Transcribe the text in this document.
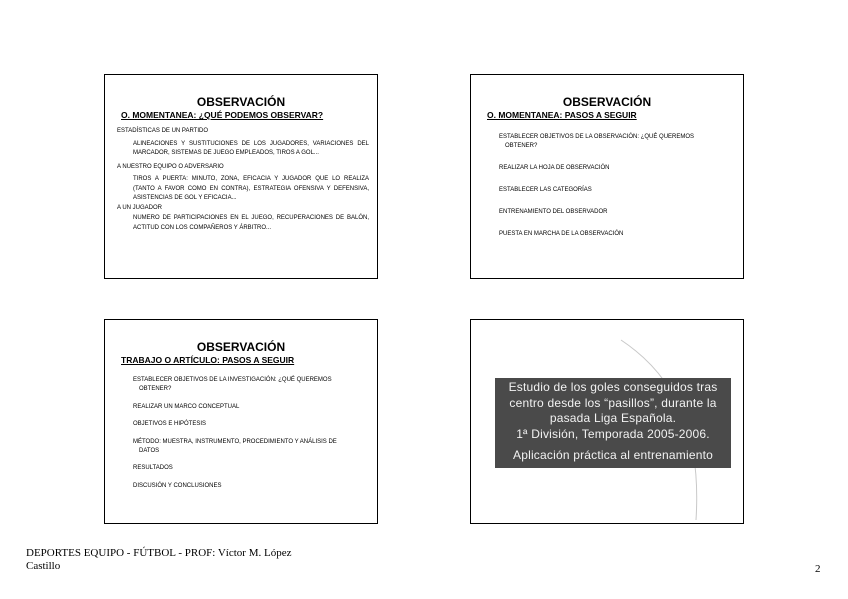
OBSERVACIÓN
O. MOMENTANEA: ¿QUÉ PODEMOS OBSERVAR?
ESTADÍSTICAS DE UN PARTIDO
ALINEACIONES Y SUSTITUCIONES DE LOS JUGADORES, VARIACIONES DEL MARCADOR, SISTEMAS DE JUEGO EMPLEADOS, TIROS A GOL...
A NUESTRO EQUIPO O ADVERSARIO
TIROS A PUERTA: MINUTO, ZONA, EFICACIA Y JUGADOR QUE LO REALIZA (TANTO A FAVOR COMO EN CONTRA), ESTRATEGIA OFENSIVA Y DEFENSIVA, ASISTENCIAS DE GOL Y EFICACIA...
A UN JUGADOR
NUMERO DE PARTICIPACIONES EN EL JUEGO, RECUPERACIONES DE BALÓN, ACTITUD CON LOS COMPAÑEROS Y ÁRBITRO...
OBSERVACIÓN
O. MOMENTANEA: PASOS A SEGUIR
ESTABLECER OBJETIVOS DE LA OBSERVACIÓN: ¿QUÉ QUEREMOS
OBTENER?
REALIZAR LA HOJA DE OBSERVACIÓN
ESTABLECER LAS CATEGORÍAS
ENTRENAMIENTO DEL OBSERVADOR
PUESTA EN MARCHA DE LA OBSERVACIÓN
OBSERVACIÓN
TRABAJO O ARTÍCULO: PASOS A SEGUIR
ESTABLECER OBJETIVOS DE LA INVESTIGACIÓN: ¿QUÉ QUEREMOS
OBTENER?
REALIZAR UN MARCO CONCEPTUAL
OBJETIVOS E HIPÓTESIS
MÉTODO: MUESTRA, INSTRUMENTO, PROCEDIMIENTO Y ANÁLISIS DE
DATOS
RESULTADOS
DISCUSIÓN Y CONCLUSIONES
Estudio de los goles conseguidos tras
centro desde los “pasillos”, durante la
pasada Liga Española.
1ª División, Temporada 2005-2006.
Aplicación práctica al entrenamiento
DEPORTES EQUIPO - FÚTBOL - PROF: Víctor M. López
Castillo	2
